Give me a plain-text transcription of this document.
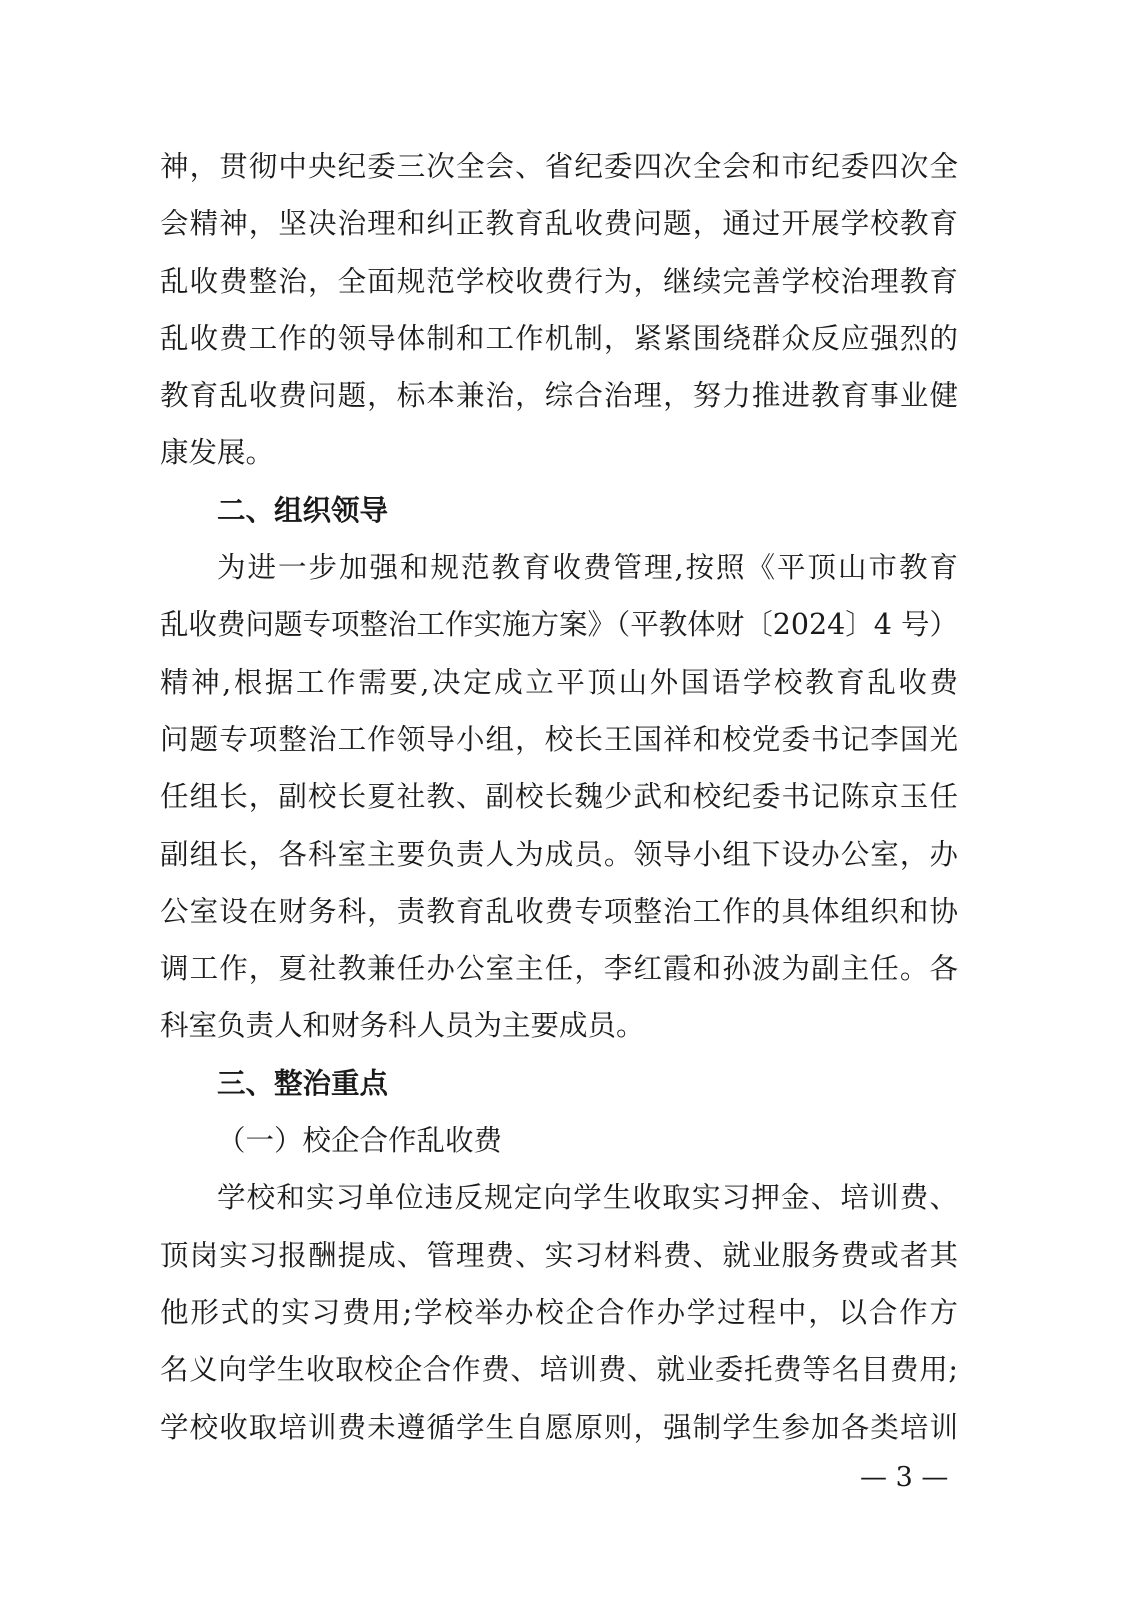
神，贯彻中央纪委三次全会、省纪委四次全会和市纪委四次全
会精神，坚决治理和纠正教育乱收费问题，通过开展学校教育
乱收费整治，全面规范学校收费行为，继续完善学校治理教育
乱收费工作的领导体制和工作机制，紧紧围绕群众反应强烈的
教育乱收费问题，标本兼治，综合治理，努力推进教育事业健
康发展。
二、组织领导
为进一步加强和规范教育收费管理,按照《平顶山市教育
乱收费问题专项整治工作实施方案》（平教体财〔2024〕4 号）
精神,根据工作需要,决定成立平顶山外国语学校教育乱收费
问题专项整治工作领导小组，校长王国祥和校党委书记李国光
任组长，副校长夏社教、副校长魏少武和校纪委书记陈京玉任
副组长，各科室主要负责人为成员。领导小组下设办公室，办
公室设在财务科，责教育乱收费专项整治工作的具体组织和协
调工作，夏社教兼任办公室主任，李红霞和孙波为副主任。各
科室负责人和财务科人员为主要成员。
三、整治重点
（一）校企合作乱收费
学校和实习单位违反规定向学生收取实习押金、培训费、
顶岗实习报酬提成、管理费、实习材料费、就业服务费或者其
他形式的实习费用;学校举办校企合作办学过程中，以合作方
名义向学生收取校企合作费、培训费、就业委托费等名目费用;
学校收取培训费未遵循学生自愿原则，强制学生参加各类培训
— 3 —
